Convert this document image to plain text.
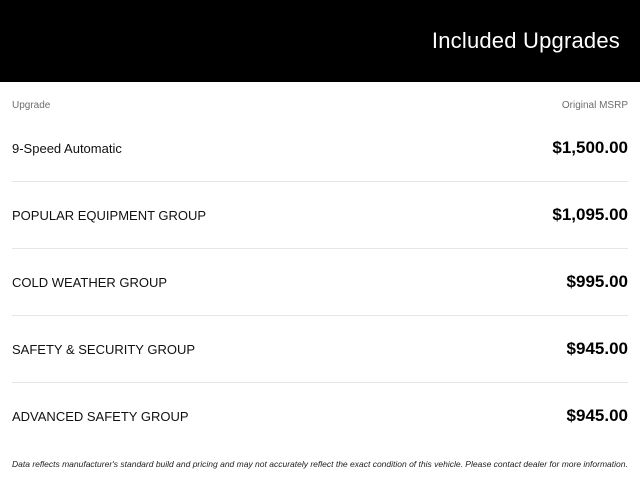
Included Upgrades
Upgrade	Original MSRP
9-Speed Automatic	$1,500.00
POPULAR EQUIPMENT GROUP	$1,095.00
COLD WEATHER GROUP	$995.00
SAFETY & SECURITY GROUP	$945.00
ADVANCED SAFETY GROUP	$945.00
Data reflects manufacturer's standard build and pricing and may not accurately reflect the exact condition of this vehicle. Please contact dealer for more information.
